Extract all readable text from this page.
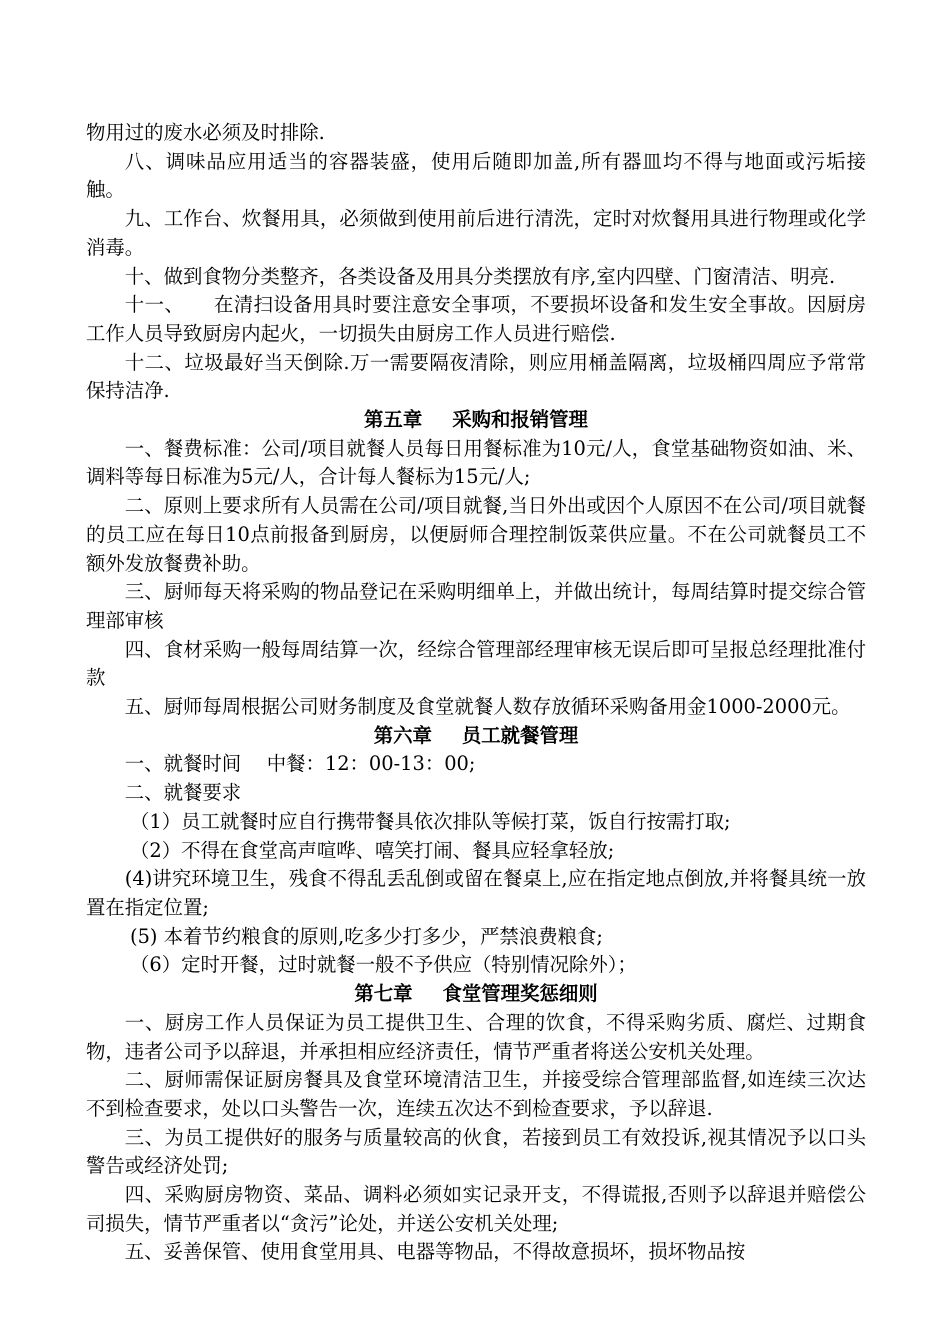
物用过的废水必须及时排除.

八、调味品应用适当的容器装盛，使用后随即加盖,所有器皿均不得与地面或污垢接触。

九、工作台、炊餐用具，必须做到使用前后进行清洗，定时对炊餐用具进行物理或化学消毒。

十、做到食物分类整齐，各类设备及用具分类摆放有序,室内四壁、门窗清洁、明亮.

十一、　　在清扫设备用具时要注意安全事项，不要损坏设备和发生安全事故。因厨房工作人员导致厨房内起火，一切损失由厨房工作人员进行赔偿.

十二、垃圾最好当天倒除.万一需要隔夜清除，则应用桶盖隔离，垃圾桶四周应予常常保持洁净.

第五章 采购和报销管理

一、餐费标准：公司/项目就餐人员每日用餐标准为10元/人，食堂基础物资如油、米、调料等每日标准为5元/人，合计每人餐标为15元/人;

二、原则上要求所有人员需在公司/项目就餐,当日外出或因个人原因不在公司/项目就餐的员工应在每日10点前报备到厨房，以便厨师合理控制饭菜供应量。不在公司就餐员工不额外发放餐费补助。

三、厨师每天将采购的物品登记在采购明细单上，并做出统计，每周结算时提交综合管理部审核

四、食材采购一般每周结算一次，经综合管理部经理审核无误后即可呈报总经理批准付款

五、厨师每周根据公司财务制度及食堂就餐人数存放循环采购备用金1000-2000元。

第六章 员工就餐管理

一、就餐时间　 中餐：12：00-13：00;

二、就餐要求

（1）员工就餐时应自行携带餐具依次排队等候打菜，饭自行按需打取;

（2）不得在食堂高声喧哗、嘻笑打闹、餐具应轻拿轻放;

(4)讲究环境卫生，残食不得乱丢乱倒或留在餐桌上,应在指定地点倒放,并将餐具统一放置在指定位置;

(5) 本着节约粮食的原则,吃多少打多少，严禁浪费粮食;

（6）定时开餐，过时就餐一般不予供应（特别情况除外）；

第七章 食堂管理奖惩细则

一、厨房工作人员保证为员工提供卫生、合理的饮食，不得采购劣质、腐烂、过期食物，违者公司予以辞退，并承担相应经济责任，情节严重者将送公安机关处理。

二、厨师需保证厨房餐具及食堂环境清洁卫生，并接受综合管理部监督,如连续三次达不到检查要求，处以口头警告一次，连续五次达不到检查要求，予以辞退.

三、为员工提供好的服务与质量较高的伙食，若接到员工有效投诉,视其情况予以口头警告或经济处罚;

四、采购厨房物资、菜品、调料必须如实记录开支，不得谎报,否则予以辞退并赔偿公司损失，情节严重者以“贪污”论处，并送公安机关处理;

五、妥善保管、使用食堂用具、电器等物品，不得故意损坏，损坏物品按
